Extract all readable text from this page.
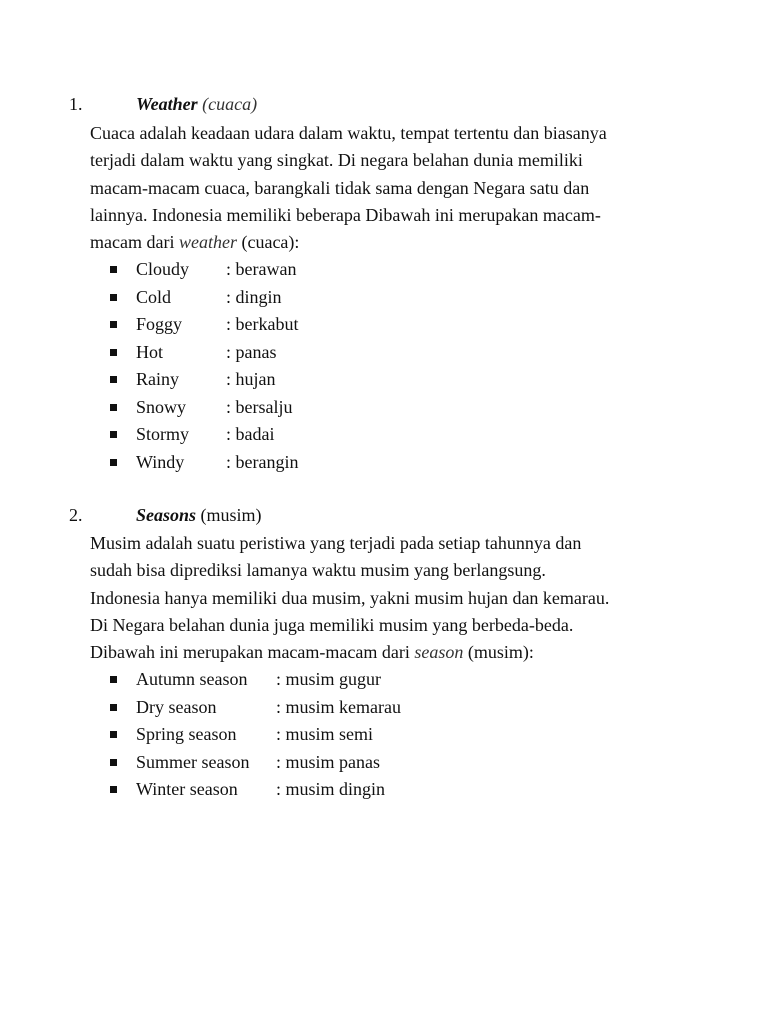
1.	Weather (cuaca)
Cuaca adalah keadaan udara dalam waktu, tempat tertentu dan biasanya
terjadi dalam waktu yang singkat. Di negara belahan dunia memiliki
macam-macam cuaca, barangkali tidak sama dengan Negara satu dan
lainnya. Indonesia memiliki beberapa Dibawah ini merupakan macam-
macam dari weather (cuaca):
Cloudy : berawan
Cold	: dingin
Foggy : berkabut
Hot	: panas
Rainy	: hujan
Snowy : bersalju
Stormy : badai
Windy : berangin
2.	Seasons (musim)
Musim adalah suatu peristiwa yang terjadi pada setiap tahunnya dan
sudah bisa diprediksi lamanya waktu musim yang berlangsung.
Indonesia hanya memiliki dua musim, yakni musim hujan dan kemarau.
Di Negara belahan dunia juga memiliki musim yang berbeda-beda.
Dibawah ini merupakan macam-macam dari season (musim):
Autumn season : musim gugur
Dry season	: musim kemarau
Spring season : musim semi
Summer season : musim panas
Winter season : musim dingin
